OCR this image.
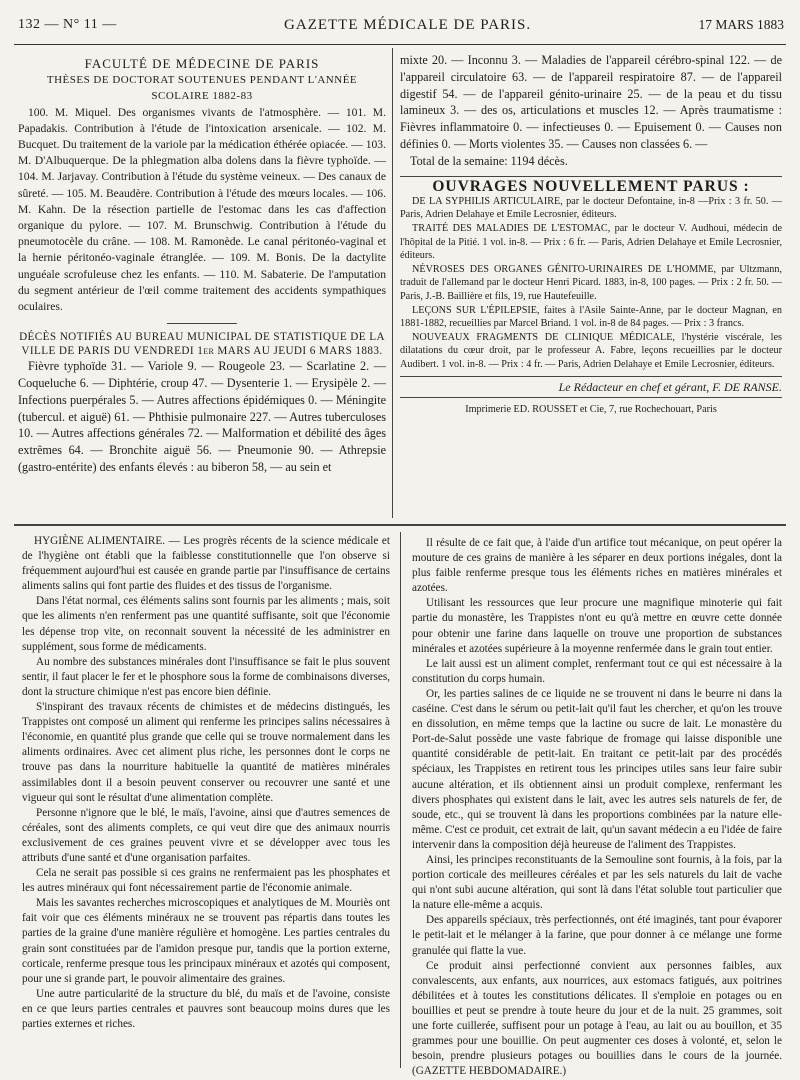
132 — N° 11 —	GAZETTE MÉDICALE DE PARIS.	17 MARS 1883

FACULTÉ DE MÉDECINE DE PARIS

THÈSES DE DOCTORAT SOUTENUES PENDANT L'ANNÉE SCOLAIRE 1882-83

100. M. Miquel. Des organismes vivants de l'atmosphère. — 101. M. Papadakis. Contribution à l'étude de l'intoxication arsenicale. — 102. M. Bucquet. Du traitement de la variole par la médication éthérée opiacée. — 103. M. D'Albuquerque. De la phlegmation alba dolens dans la fièvre typhoïde. — 104. M. Jarjavay. Contribution à l'étude du système veineux. — Des canaux de sûreté. — 105. M. Beaudère. Contribution à l'étude des mœurs locales. — 106. M. Kahn. De la résection partielle de l'estomac dans les cas d'affection organique du pylore. — 107. M. Brunschwig. Contribution à l'étude du pneumotocèle du crâne. — 108. M. Ramonède. Le canal péritonéo-vaginal et la hernie péritonéo-vaginale étranglée. — 109. M. Bonis. De la dactylite unguéale scrofuleuse chez les enfants. — 110. M. Sabaterie. De l'amputation du segment antérieur de l'œil comme traitement des accidents sympathiques oculaires.

DÉCÈS NOTIFIÉS AU BUREAU MUNICIPAL DE STATISTIQUE DE LA VILLE DE PARIS DU VENDREDI 1er MARS AU JEUDI 6 MARS 1883.

Fièvre typhoïde 31. — Variole 9. — Rougeole 23. — Scarlatine 2. — Coqueluche 6. — Diphtérie, croup 47. — Dysenterie 1. — Erysipèle 2. — Infections puerpérales 5. — Autres affections épidémiques 0. — Méningite (tubercul. et aiguë) 61. — Phthisie pulmonaire 227. — Autres tuberculoses 10. — Autres affections générales 72. — Malformation et débilité des âges extrêmes 64. — Bronchite aiguë 56. — Pneumonie 90. — Athrepsie (gastro-entérite) des enfants élevés : au biberon 58, — au sein et

mixte 20. — Inconnu 3. — Maladies de l'appareil cérébro-spinal 122. — de l'appareil circulatoire 63. — de l'appareil respiratoire 87. — de l'appareil digestif 54. — de l'appareil génito-urinaire 25. — de la peau et du tissu lamineux 3. — des os, articulations et muscles 12. — Après traumatisme : Fièvres inflammatoire 0. — infectieuses 0. — Epuisement 0. — Causes non définies 0. — Morts violentes 35. — Causes non classées 6. —

Total de la semaine: 1194 décès.

OUVRAGES NOUVELLEMENT PARUS :

DE LA SYPHILIS ARTICULAIRE, par le docteur Defontaine, in-8 —Prix : 3 fr. 50. — Paris, Adrien Delahaye et Emile Lecrosnier, éditeurs.

TRAITÉ DES MALADIES DE L'ESTOMAC, par le docteur V. Audhoui, médecin de l'hôpital de la Pitié. 1 vol. in-8. — Prix : 6 fr. — Paris, Adrien Delahaye et Emile Lecrosnier, éditeurs.

NÉVROSES DES ORGANES GÉNITO-URINAIRES DE L'HOMME, par Ultzmann, traduit de l'allemand par le docteur Henri Picard. 1883, in-8, 100 pages. — Prix : 2 fr. 50. — Paris, J.-B. Baillière et fils, 19, rue Hautefeuille.

LEÇONS SUR L'ÉPILEPSIE, faites à l'Asile Sainte-Anne, par le docteur Magnan, en 1881-1882, recueillies par Marcel Briand. 1 vol. in-8 de 84 pages. — Prix : 3 francs.

NOUVEAUX FRAGMENTS DE CLINIQUE MÉDICALE, l'hystérie viscérale, les dilatations du cœur droit, par le professeur A. Fabre, leçons recueillies par le docteur Audibert. 1 vol. in-8. — Prix : 4 fr. — Paris, Adrien Delahaye et Emile Lecrosnier, éditeurs.

Le Rédacteur en chef et gérant, F. DE RANSE.

Imprimerie ED. ROUSSET et Cie, 7, rue Rochechouart, Paris

HYGIÈNE ALIMENTAIRE. — Les progrès récents de la science médicale et de l'hygiène ont établi que la faiblesse constitutionnelle que l'on observe si fréquemment aujourd'hui est causée en grande partie par l'insuffisance de certains aliments salins qui font partie des fluides et des tissus de l'organisme.

Dans l'état normal, ces éléments salins sont fournis par les aliments ; mais, soit que les aliments n'en renferment pas une quantité suffisante, soit que l'économie les dépense trop vite, on reconnait souvent la nécessité de les administrer en supplément, sous forme de médicaments.

Au nombre des substances minérales dont l'insuffisance se fait le plus souvent sentir, il faut placer le fer et le phosphore sous la forme de combinaisons diverses, dont la structure chimique n'est pas encore bien définie.

S'inspirant des travaux récents de chimistes et de médecins distingués, les Trappistes ont composé un aliment qui renferme les principes salins nécessaires à l'économie, en quantité plus grande que celle qui se trouve normalement dans les aliments ordinaires. Avec cet aliment plus riche, les personnes dont le corps ne trouve pas dans la nourriture habituelle la quantité de matières minérales assimilables dont il a besoin peuvent conserver ou recouvrer une santé et une vigueur qui sont le résultat d'une alimentation complète.

Personne n'ignore que le blé, le maïs, l'avoine, ainsi que d'autres semences de céréales, sont des aliments complets, ce qui veut dire que des animaux nourris exclusivement de ces graines peuvent vivre et se développer avec tous les attributs d'une santé et d'une organisation parfaites.

Cela ne serait pas possible si ces grains ne renfermaient pas les phosphates et les autres minéraux qui font nécessairement partie de l'économie animale.

Mais les savantes recherches microscopiques et analytiques de M. Mouriès ont fait voir que ces éléments minéraux ne se trouvent pas répartis dans toutes les parties de la graine d'une manière régulière et homogène. Les parties centrales du grain sont constituées par de l'amidon presque pur, tandis que la portion externe, corticale, renferme presque tous les principaux minéraux et azotés qui composent, pour une si grande part, le pouvoir alimentaire des graines.

Une autre particularité de la structure du blé, du maïs et de l'avoine, consiste en ce que leurs parties centrales et pauvres sont beaucoup moins dures que les parties externes et riches.

Il résulte de ce fait que, à l'aide d'un artifice tout mécanique, on peut opérer la mouture de ces grains de manière à les séparer en deux portions inégales, dont la plus faible renferme presque tous les éléments riches en matières minérales et azotées.

Utilisant les ressources que leur procure une magnifique minoterie qui fait partie du monastère, les Trappistes n'ont eu qu'à mettre en œuvre cette donnée pour obtenir une farine dans laquelle on trouve une proportion de substances minérales et azotées supérieure à la moyenne renfermée dans le grain tout entier.

Le lait aussi est un aliment complet, renfermant tout ce qui est nécessaire à la constitution du corps humain.

Or, les parties salines de ce liquide ne se trouvent ni dans le beurre ni dans la caséine. C'est dans le sérum ou petit-lait qu'il faut les chercher, et qu'on les trouve en dissolution, en même temps que la lactine ou sucre de lait. Le monastère du Port-de-Salut possède une vaste fabrique de fromage qui laisse disponible une quantité considérable de petit-lait. En traitant ce petit-lait par des procédés spéciaux, les Trappistes en retirent tous les principes utiles sans leur faire subir aucune altération, et ils obtiennent ainsi un produit complexe, renfermant les divers phosphates qui existent dans le lait, avec les autres sels naturels de fer, de soude, etc., qui se trouvent là dans les proportions combinées par la nature elle-même. C'est ce produit, cet extrait de lait, qu'un savant médecin a eu l'idée de faire intervenir dans la composition déjà heureuse de l'aliment des Trappistes.

Ainsi, les principes reconstituants de la Semouline sont fournis, à la fois, par la portion corticale des meilleures céréales et par les sels naturels du lait de vache qui n'ont subi aucune altération, qui sont là dans l'état soluble tout particulier que la nature elle-même a acquis.

Des appareils spéciaux, très perfectionnés, ont été imaginés, tant pour évaporer le petit-lait et le mélanger à la farine, que pour donner à ce mélange une forme granulée qui flatte la vue.

Ce produit ainsi perfectionné convient aux personnes faibles, aux convalescents, aux enfants, aux nourrices, aux estomacs fatigués, aux poitrines débilitées et à toutes les constitutions délicates. Il s'emploie en potages ou en bouillies et peut se prendre à toute heure du jour et de la nuit. 25 grammes, soit une forte cuillerée, suffisent pour un potage à l'eau, au lait ou au bouillon, et 35 grammes pour une bouillie. On peut augmenter ces doses à volonté, et, selon le besoin, prendre plusieurs potages ou bouillies dans le cours de la journée. (GAZETTE HEBDOMADAIRE.)
